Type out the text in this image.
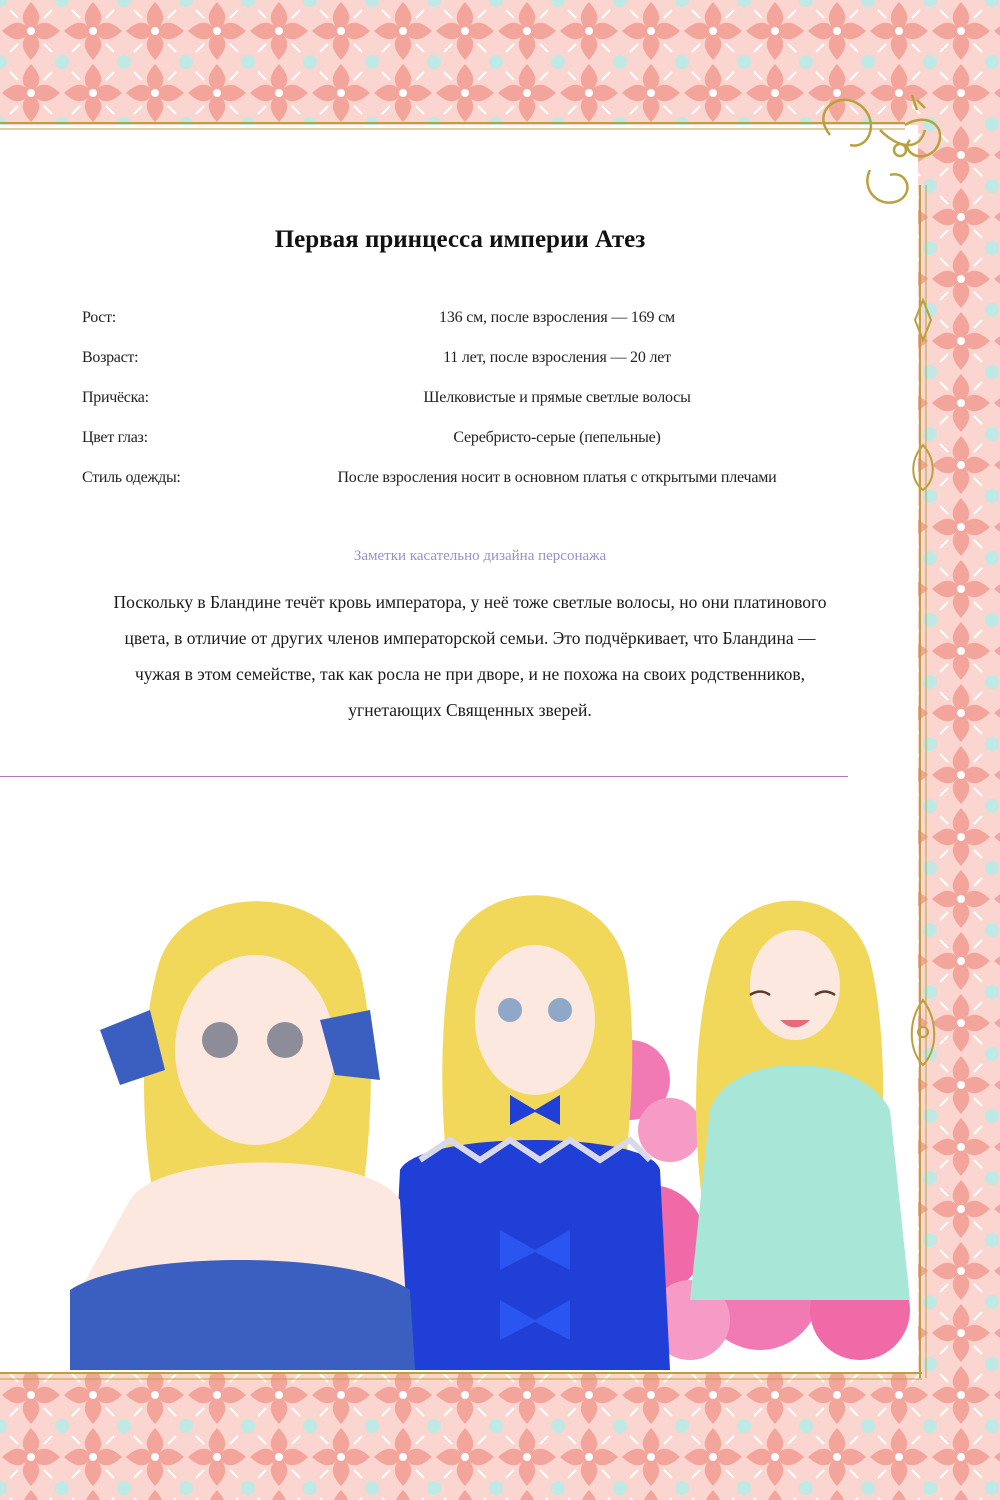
Первая принцесса империи Атез
Рост:	136 см, после взросления — 169 см
Возраст:	11 лет, после взросления — 20 лет
Причёска:	Шелковистые и прямые светлые волосы
Цвет глаз:	Серебристо-серые (пепельные)
Стиль одежды:	После взросления носит в основном платья с открытыми плечами
Заметки касательно дизайна персонажа
Поскольку в Бландине течёт кровь императора, у неё тоже светлые волосы, но они платинового
цвета, в отличие от других членов императорской семьи. Это подчёркивает, что Бландина —
чужая в этом семействе, так как росла не при дворе, и не похожа на своих родственников,
угнетающих Священных зверей.
